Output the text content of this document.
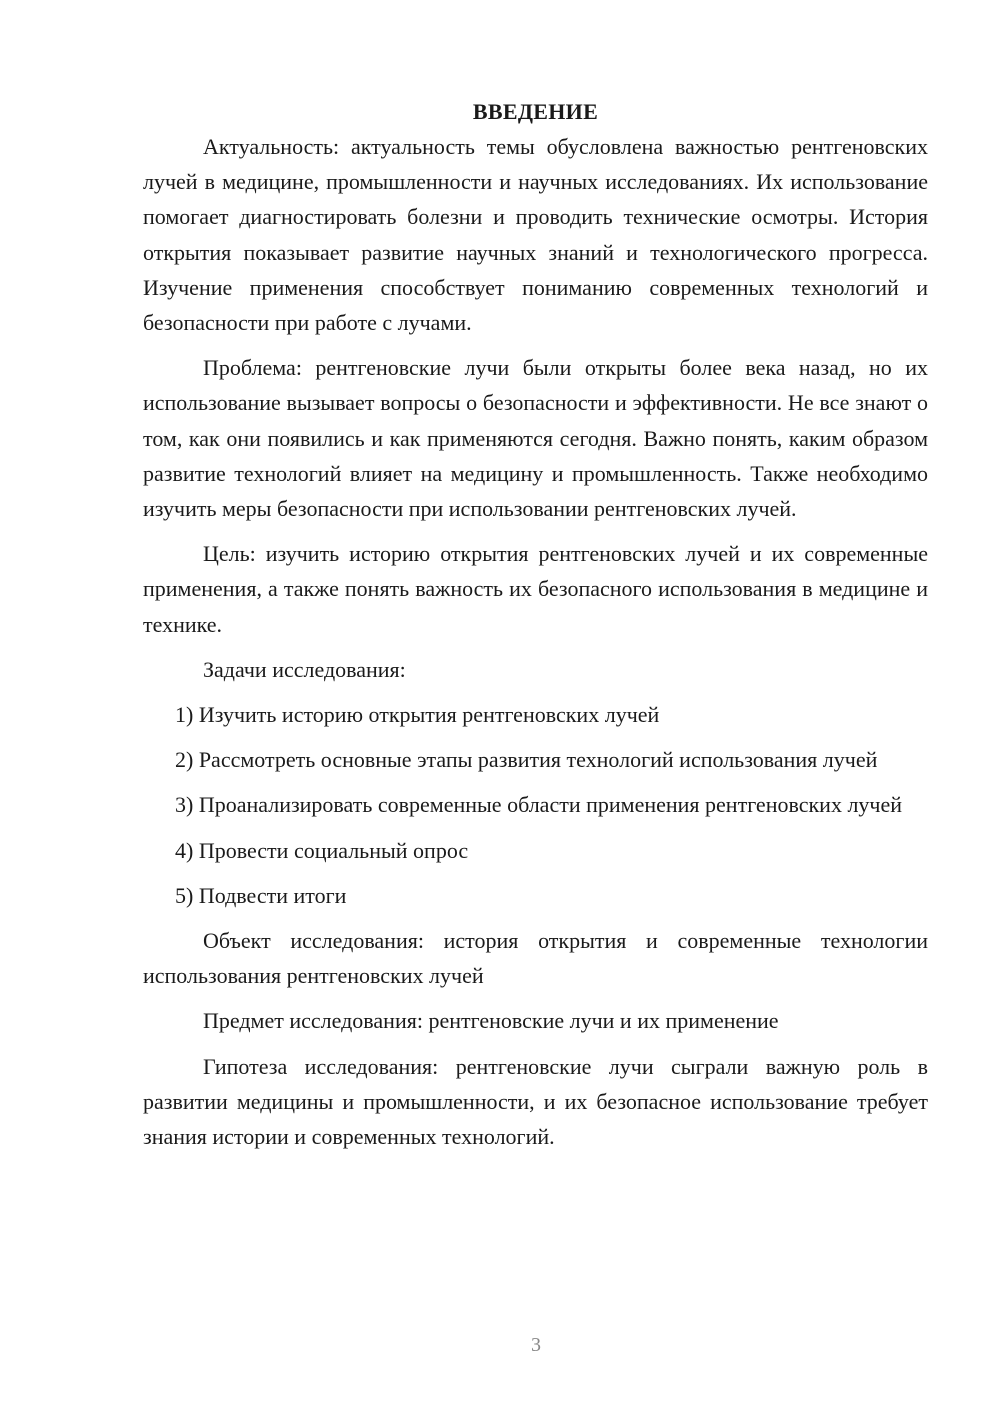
ВВЕДЕНИЕ

Актуальность: актуальность темы обусловлена важностью рентгеновских лучей в медицине, промышленности и научных исследованиях. Их использование помогает диагностировать болезни и проводить технические осмотры. История открытия показывает развитие научных знаний и технологического прогресса. Изучение применения способствует пониманию современных технологий и безопасности при работе с лучами.

Проблема: рентгеновские лучи были открыты более века назад, но их использование вызывает вопросы о безопасности и эффективности. Не все знают о том, как они появились и как применяются сегодня. Важно понять, каким образом развитие технологий влияет на медицину и промышленность. Также необходимо изучить меры безопасности при использовании рентгеновских лучей.

Цель: изучить историю открытия рентгеновских лучей и их современные применения, а также понять важность их безопасного использования в медицине и технике.

Задачи исследования:

1) Изучить историю открытия рентгеновских лучей

2) Рассмотреть основные этапы развития технологий использования лучей

3) Проанализировать современные области применения рентгеновских лучей

4) Провести социальный опрос

5) Подвести итоги

Объект исследования: история открытия и современные технологии использования рентгеновских лучей

Предмет исследования: рентгеновские лучи и их применение

Гипотеза исследования: рентгеновские лучи сыграли важную роль в развитии медицины и промышленности, и их безопасное использование требует знания истории и современных технологий.

3
